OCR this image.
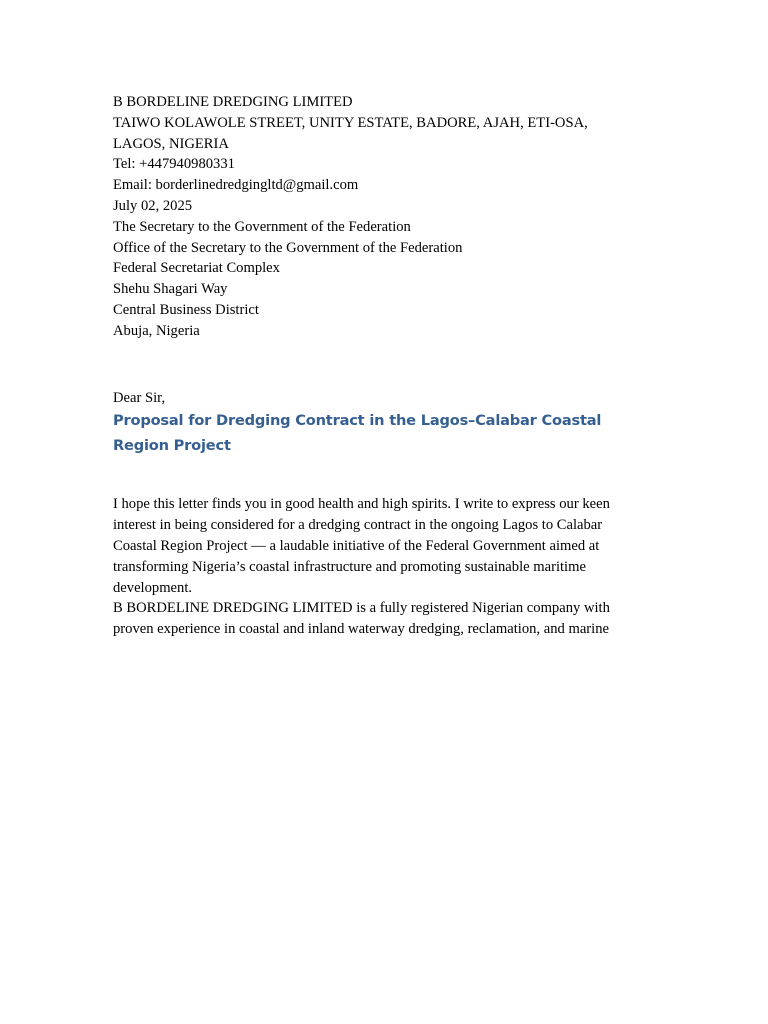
B BORDELINE DREDGING LIMITED

TAIWO KOLAWOLE STREET, UNITY ESTATE, BADORE, AJAH, ETI-OSA, LAGOS, NIGERIA

Tel: +447940980331

Email: borderlinedredgingltd@gmail.com

July 02, 2025

The Secretary to the Government of the Federation

Office of the Secretary to the Government of the Federation

Federal Secretariat Complex

Shehu Shagari Way

Central Business District

Abuja, Nigeria

Dear Sir,

Proposal for Dredging Contract in the Lagos–Calabar Coastal Region Project

I hope this letter finds you in good health and high spirits. I write to express our keen interest in being considered for a dredging contract in the ongoing Lagos to Calabar Coastal Region Project — a laudable initiative of the Federal Government aimed at transforming Nigeria’s coastal infrastructure and promoting sustainable maritime development.

B BORDELINE DREDGING LIMITED is a fully registered Nigerian company with proven experience in coastal and inland waterway dredging, reclamation, and marine
